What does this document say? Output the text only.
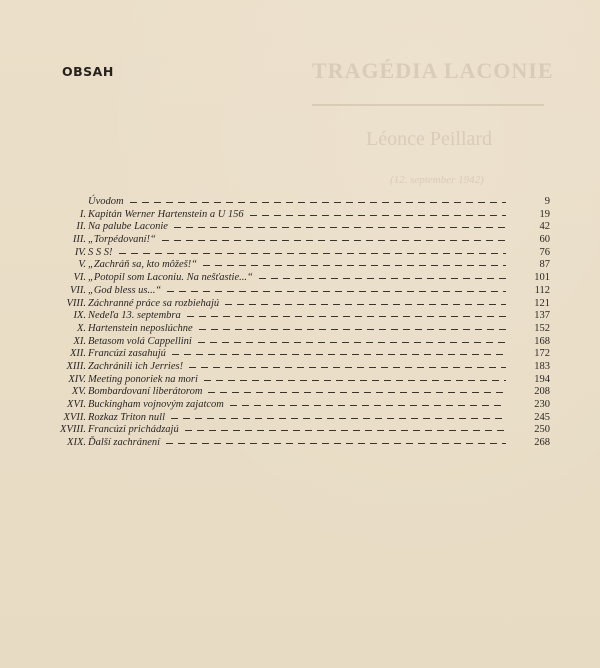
TRAGÉDIA LACONIE
Léonce Peillard
(12. september 1942)
OBSAH
Úvodom	9
I. Kapitán Werner Hartenstein a U 156	19
II. Na palube Laconie	42
III. „Torpédovaní!“	60
IV. S S S!	76
V. „Zachráň sa, kto môžeš!“	87
VI. „Potopil som Laconiu. Na nešťastie...“	101
VII. „God bless us...“	112
VIII. Záchranné práce sa rozbiehajú	121
IX. Nedeľa 13. septembra	137
X. Hartenstein neposlúchne	152
XI. Betasom volá Cappellini	168
XII. Francúzi zasahujú	172
XIII. Zachránili ich Jerries!	183
XIV. Meeting ponoriek na mori	194
XV. Bombardovaní liberátorom	208
XVI. Buckingham vojnovým zajatcom	230
XVII. Rozkaz Triton null	245
XVIII. Francúzi prichádzajú	250
XIX. Ďalší zachránení	268
